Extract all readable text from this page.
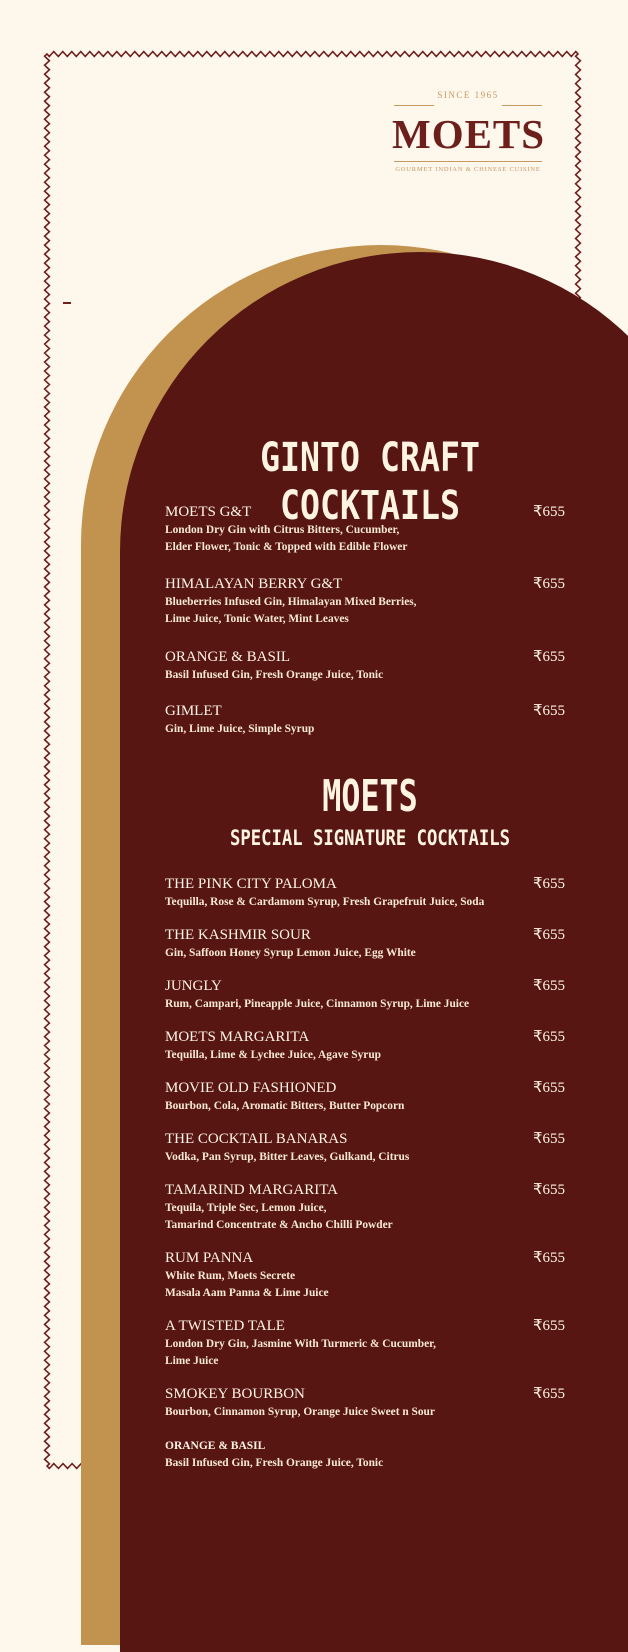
SINCE 1965
MOETS
GOURMET INDIAN & CHINESE CUISINE
GINTO CRAFT COCKTAILS
MOETS G&T	₹655
London Dry Gin with Citrus Bitters, Cucumber,
Elder Flower, Tonic & Topped with Edible Flower
HIMALAYAN BERRY G&T	₹655
Blueberries Infused Gin, Himalayan Mixed Berries,
Lime Juice, Tonic Water, Mint Leaves
ORANGE & BASIL	₹655
Basil Infused Gin, Fresh Orange Juice, Tonic
GIMLET	₹655
Gin, Lime Juice, Simple Syrup
MOETS
SPECIAL SIGNATURE COCKTAILS
THE PINK CITY PALOMA	₹655
Tequilla, Rose & Cardamom Syrup, Fresh Grapefruit Juice, Soda
THE KASHMIR SOUR	₹655
Gin, Saffoon Honey Syrup Lemon Juice, Egg White
JUNGLY	₹655
Rum, Campari, Pineapple Juice, Cinnamon Syrup, Lime Juice
MOETS MARGARITA	₹655
Tequilla, Lime & Lychee Juice, Agave Syrup
MOVIE OLD FASHIONED	₹655
Bourbon, Cola, Aromatic Bitters, Butter Popcorn
THE COCKTAIL BANARAS	₹655
Vodka, Pan Syrup, Bitter Leaves, Gulkand, Citrus
TAMARIND MARGARITA	₹655
Tequila, Triple Sec, Lemon Juice,
Tamarind Concentrate & Ancho Chilli Powder
RUM PANNA	₹655
White Rum, Moets Secrete
Masala Aam Panna & Lime Juice
A TWISTED TALE	₹655
London Dry Gin, Jasmine With Turmeric & Cucumber,
Lime Juice
SMOKEY BOURBON	₹655
Bourbon, Cinnamon Syrup, Orange Juice Sweet n Sour
ORANGE & BASIL
Basil Infused Gin, Fresh Orange Juice, Tonic
